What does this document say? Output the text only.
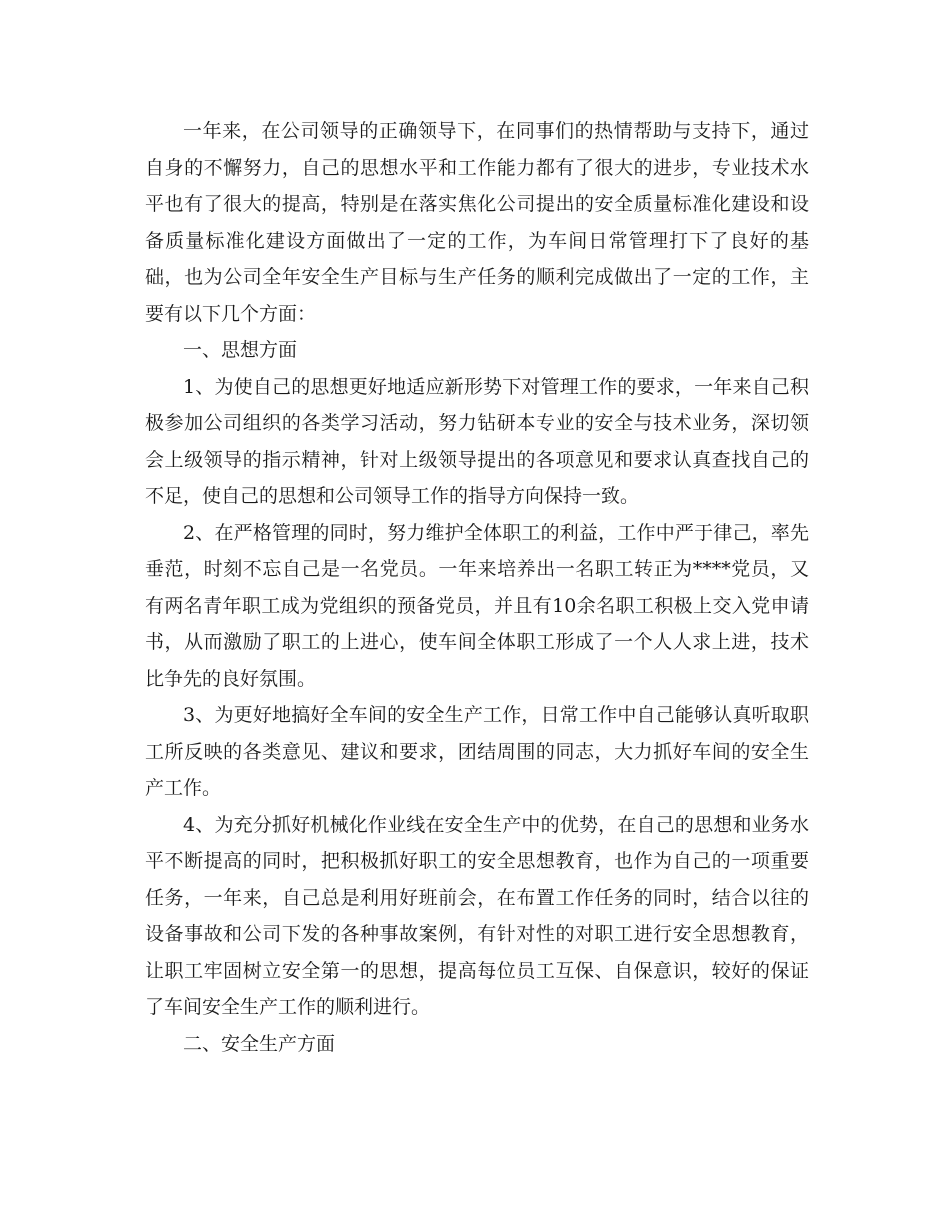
一年来，在公司领导的正确领导下，在同事们的热情帮助与支持下，通过自身的不懈努力，自己的思想水平和工作能力都有了很大的进步，专业技术水平也有了很大的提高，特别是在落实焦化公司提出的安全质量标准化建设和设备质量标准化建设方面做出了一定的工作，为车间日常管理打下了良好的基础，也为公司全年安全生产目标与生产任务的顺利完成做出了一定的工作，主要有以下几个方面：

一、思想方面

1、为使自己的思想更好地适应新形势下对管理工作的要求，一年来自己积极参加公司组织的各类学习活动，努力钻研本专业的安全与技术业务，深切领会上级领导的指示精神，针对上级领导提出的各项意见和要求认真查找自己的不足，使自己的思想和公司领导工作的指导方向保持一致。

2、在严格管理的同时，努力维护全体职工的利益，工作中严于律己，率先垂范，时刻不忘自己是一名党员。一年来培养出一名职工转正为****党员，又有两名青年职工成为党组织的预备党员，并且有10余名职工积极上交入党申请书，从而激励了职工的上进心，使车间全体职工形成了一个人人求上进，技术比争先的良好氛围。

3、为更好地搞好全车间的安全生产工作，日常工作中自己能够认真听取职工所反映的各类意见、建议和要求，团结周围的同志，大力抓好车间的安全生产工作。

4、为充分抓好机械化作业线在安全生产中的优势，在自己的思想和业务水平不断提高的同时，把积极抓好职工的安全思想教育，也作为自己的一项重要任务，一年来，自己总是利用好班前会，在布置工作任务的同时，结合以往的设备事故和公司下发的各种事故案例，有针对性的对职工进行安全思想教育，让职工牢固树立安全第一的思想，提高每位员工互保、自保意识，较好的保证了车间安全生产工作的顺利进行。

二、安全生产方面
